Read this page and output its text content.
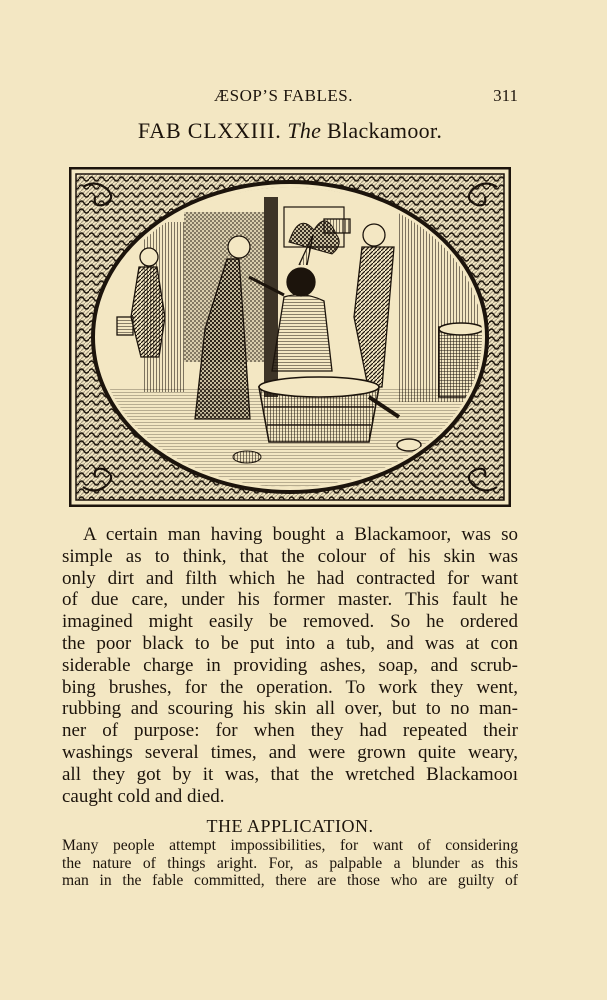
ÆSOP’S FABLES.	311
FAB CLXXIII. The Blackamoor.
A certain man having bought a Blackamoor, was so
simple as to think, that the colour of his skin was
only dirt and filth which he had contracted for want
of due care, under his former master. This fault he
imagined might easily be removed. So he ordered
the poor black to be put into a tub, and was at con
siderable charge in providing ashes, soap, and scrub-
bing brushes, for the operation. To work they went,
rubbing and scouring his skin all over, but to no man-
ner of purpose: for when they had repeated their
washings several times, and were grown quite weary,
all they got by it was, that the wretched Blackamooı
caught cold and died.
THE APPLICATION.
Many people attempt impossibilities, for want of considering
the nature of things aright. For, as palpable a blunder as this
man in the fable committed, there are those who are guilty of
